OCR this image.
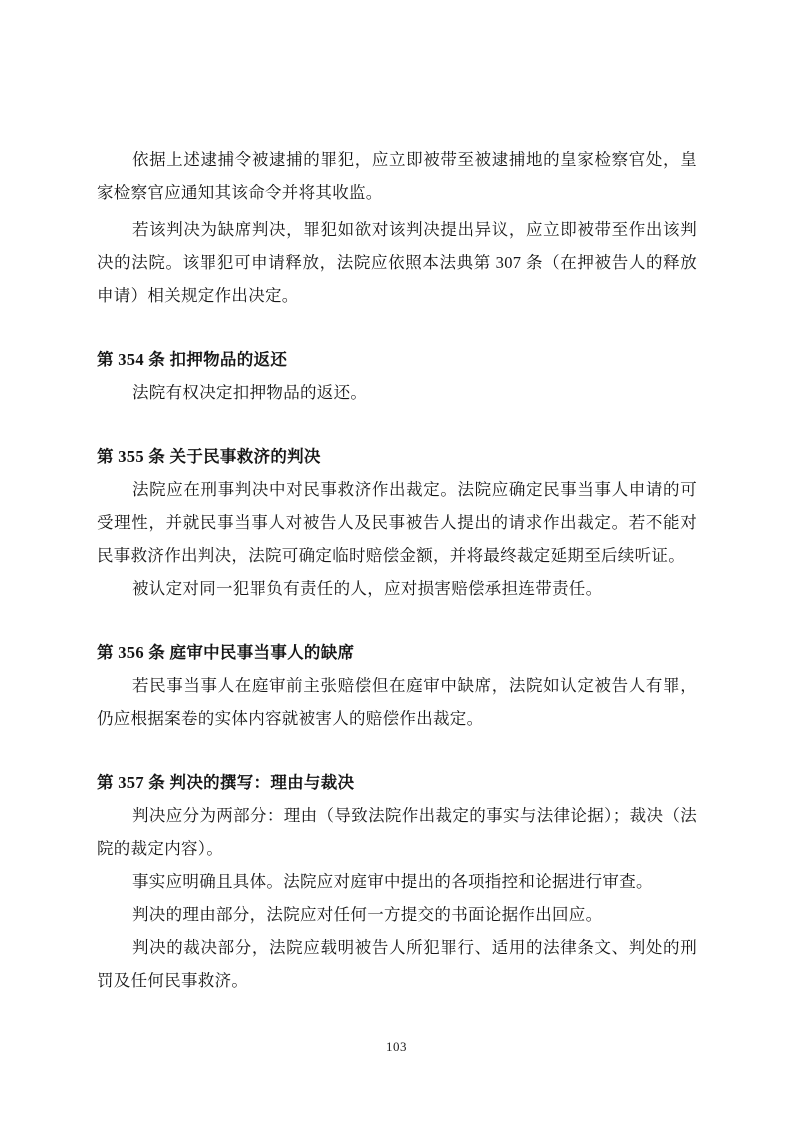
依据上述逮捕令被逮捕的罪犯，应立即被带至被逮捕地的皇家检察官处，皇家检察官应通知其该命令并将其收监。

若该判决为缺席判决，罪犯如欲对该判决提出异议，应立即被带至作出该判决的法院。该罪犯可申请释放，法院应依照本法典第 307 条（在押被告人的释放申请）相关规定作出决定。

第 354 条 扣押物品的返还

法院有权决定扣押物品的返还。

第 355 条 关于民事救济的判决

法院应在刑事判决中对民事救济作出裁定。法院应确定民事当事人申请的可受理性，并就民事当事人对被告人及民事被告人提出的请求作出裁定。若不能对民事救济作出判决，法院可确定临时赔偿金额，并将最终裁定延期至后续听证。

被认定对同一犯罪负有责任的人，应对损害赔偿承担连带责任。

第 356 条 庭审中民事当事人的缺席

若民事当事人在庭审前主张赔偿但在庭审中缺席，法院如认定被告人有罪，仍应根据案卷的实体内容就被害人的赔偿作出裁定。

第 357 条 判决的撰写：理由与裁决

判决应分为两部分：理由（导致法院作出裁定的事实与法律论据）；裁决（法院的裁定内容）。

事实应明确且具体。法院应对庭审中提出的各项指控和论据进行审查。

判决的理由部分，法院应对任何一方提交的书面论据作出回应。

判决的裁决部分，法院应载明被告人所犯罪行、适用的法律条文、判处的刑罚及任何民事救济。

103
